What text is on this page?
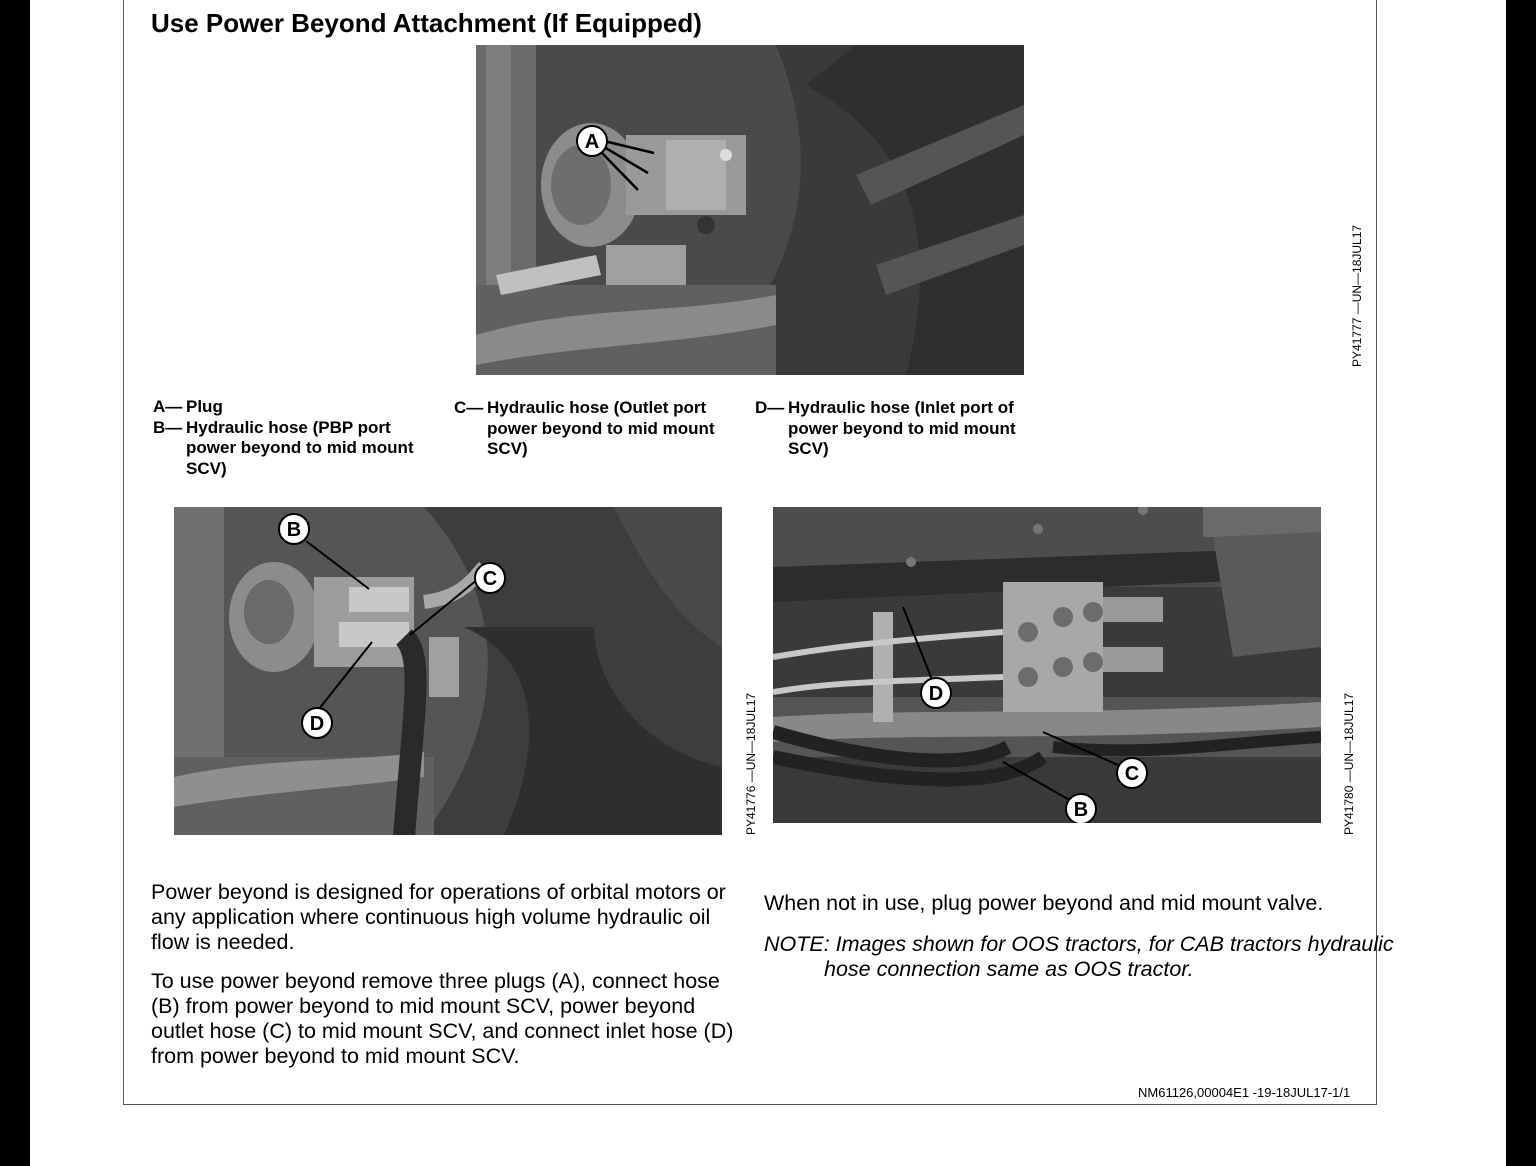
Use Power Beyond Attachment (If Equipped)
A
PY41777 —UN—18JUL17
A— Plug
B— Hydraulic hose (PBP port power beyond to mid mount SCV)
C— Hydraulic hose (Outlet port power beyond to mid mount SCV)
D— Hydraulic hose (Inlet port of power beyond to mid mount SCV)
B
C
D	PY41776 —UN—18JUL17	D
C
B	PY41780 —UN—18JUL17

Power beyond is designed for operations of orbital motors or any application where continuous high volume hydraulic oil flow is needed.

To use power beyond remove three plugs (A), connect hose (B) from power beyond to mid mount SCV, power beyond outlet hose (C) to mid mount SCV, and connect inlet hose (D) from power beyond to mid mount SCV.

When not in use, plug power beyond and mid mount valve.
NOTE: Images shown for OOS tractors, for CAB tractors hydraulic hose connection same as OOS tractor.
NM61126,00004E1 -19-18JUL17-1/1
